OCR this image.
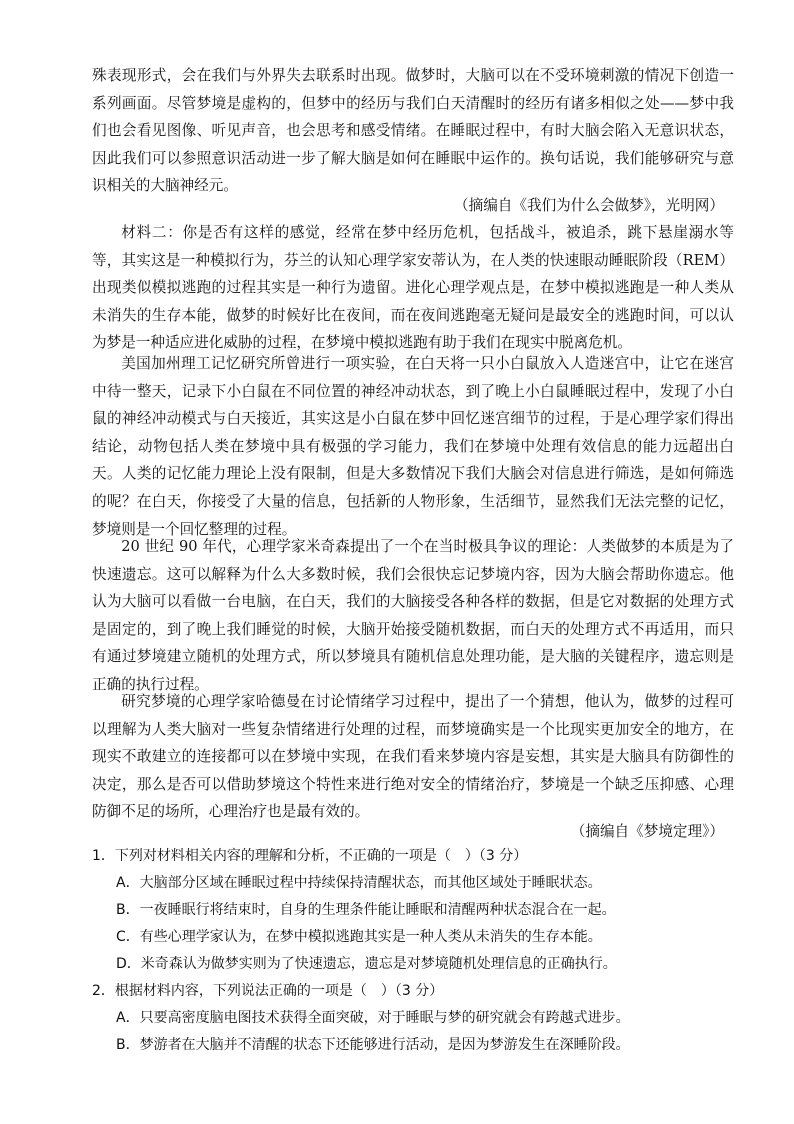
殊表现形式，会在我们与外界失去联系时出现。做梦时，大脑可以在不受环境刺激的情况下创造一系列画面。尽管梦境是虚构的，但梦中的经历与我们白天清醒时的经历有诸多相似之处——梦中我们也会看见图像、听见声音，也会思考和感受情绪。在睡眠过程中，有时大脑会陷入无意识状态，因此我们可以参照意识活动进一步了解大脑是如何在睡眠中运作的。换句话说，我们能够研究与意识相关的大脑神经元。

（摘编自《我们为什么会做梦》，光明网）

材料二：你是否有这样的感觉，经常在梦中经历危机，包括战斗，被追杀，跳下悬崖溺水等等，其实这是一种模拟行为，芬兰的认知心理学家安蒂认为，在人类的快速眼动睡眠阶段（REM）出现类似模拟逃跑的过程其实是一种行为遗留。进化心理学观点是，在梦中模拟逃跑是一种人类从未消失的生存本能，做梦的时候好比在夜间，而在夜间逃跑毫无疑问是最安全的逃跑时间，可以认为梦是一种适应进化威胁的过程，在梦境中模拟逃跑有助于我们在现实中脱离危机。

美国加州理工记忆研究所曾进行一项实验，在白天将一只小白鼠放入人造迷宫中，让它在迷宫中待一整天，记录下小白鼠在不同位置的神经冲动状态，到了晚上小白鼠睡眠过程中，发现了小白鼠的神经冲动模式与白天接近，其实这是小白鼠在梦中回忆迷宫细节的过程，于是心理学家们得出结论，动物包括人类在梦境中具有极强的学习能力，我们在梦境中处理有效信息的能力远超出白天。人类的记忆能力理论上没有限制，但是大多数情况下我们大脑会对信息进行筛选，是如何筛选的呢？在白天，你接受了大量的信息，包括新的人物形象，生活细节，显然我们无法完整的记忆，梦境则是一个回忆整理的过程。

20 世纪 90 年代，心理学家米奇森提出了一个在当时极具争议的理论：人类做梦的本质是为了快速遗忘。这可以解释为什么大多数时候，我们会很快忘记梦境内容，因为大脑会帮助你遗忘。他认为大脑可以看做一台电脑，在白天，我们的大脑接受各种各样的数据，但是它对数据的处理方式是固定的，到了晚上我们睡觉的时候，大脑开始接受随机数据，而白天的处理方式不再适用，而只有通过梦境建立随机的处理方式，所以梦境具有随机信息处理功能，是大脑的关键程序，遗忘则是正确的执行过程。

研究梦境的心理学家哈德曼在讨论情绪学习过程中，提出了一个猜想，他认为，做梦的过程可以理解为人类大脑对一些复杂情绪进行处理的过程，而梦境确实是一个比现实更加安全的地方，在现实不敢建立的连接都可以在梦境中实现，在我们看来梦境内容是妄想，其实是大脑具有防御性的决定，那么是否可以借助梦境这个特性来进行绝对安全的情绪治疗，梦境是一个缺乏压抑感、心理防御不足的场所，心理治疗也是最有效的。

（摘编自《梦境定理》）

1．下列对材料相关内容的理解和分析，不正确的一项是（　）（3 分）

A．大脑部分区域在睡眠过程中持续保持清醒状态，而其他区域处于睡眠状态。

B．一夜睡眠行将结束时，自身的生理条件能让睡眠和清醒两种状态混合在一起。

C．有些心理学家认为，在梦中模拟逃跑其实是一种人类从未消失的生存本能。

D．米奇森认为做梦实则为了快速遗忘，遗忘是对梦境随机处理信息的正确执行。

2．根据材料内容，下列说法正确的一项是（　）（3 分）

A．只要高密度脑电图技术获得全面突破，对于睡眠与梦的研究就会有跨越式进步。

B．梦游者在大脑并不清醒的状态下还能够进行活动，是因为梦游发生在深睡阶段。
